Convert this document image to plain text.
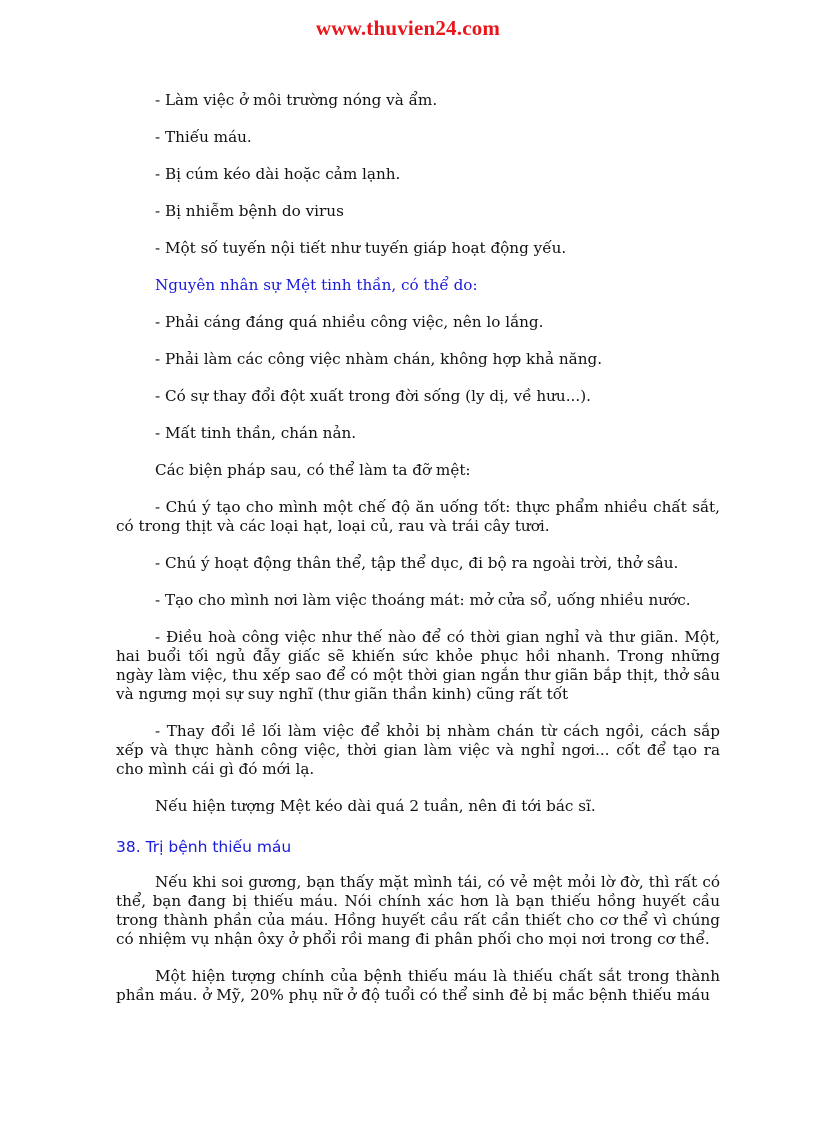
www.thuvien24.com

- Làm việc ở môi trường nóng và ẩm.

- Thiếu máu.

- Bị cúm kéo dài hoặc cảm lạnh.

- Bị nhiễm bệnh do virus

- Một số tuyến nội tiết như tuyến giáp hoạt động yếu.

Nguyên nhân sự Mệt tinh thần, có thể do:

- Phải cáng đáng quá nhiều công việc, nên lo lắng.

- Phải làm các công việc nhàm chán, không hợp khả năng.

- Có sự thay đổi đột xuất trong đời sống (ly dị, về hưu...).

- Mất tinh thần, chán nản.

Các biện pháp sau, có thể làm ta đỡ mệt:

- Chú ý tạo cho mình một chế độ ăn uống tốt: thực phẩm nhiều chất sắt, có trong thịt và các loại hạt, loại củ, rau và trái cây tươi.

- Chú ý hoạt động thân thể, tập thể dục, đi bộ ra ngoài trời, thở sâu.

- Tạo cho mình nơi làm việc thoáng mát: mở cửa sổ, uống nhiều nước.

- Điều hoà công việc như thế nào để có thời gian nghỉ và thư giãn. Một, hai buổi tối ngủ đẫy giấc sẽ khiến sức khỏe phục hồi nhanh. Trong những ngày làm việc, thu xếp sao để có một thời gian ngắn thư giãn bắp thịt, thở sâu và ngưng mọi sự suy nghĩ (thư giãn thần kinh) cũng rất tốt

- Thay đổi lề lối làm việc để khỏi bị nhàm chán từ cách ngồi, cách sắp xếp và thực hành công việc, thời gian làm việc và nghỉ ngơi... cốt để tạo ra cho mình cái gì đó mới lạ.

Nếu hiện tượng Mệt kéo dài quá 2 tuần, nên đi tới bác sĩ.

38. Trị bệnh thiếu máu

Nếu khi soi gương, bạn thấy mặt mình tái, có vẻ mệt mỏi lờ đờ, thì rất có thể, bạn đang bị thiếu máu. Nói chính xác hơn là bạn thiếu hồng huyết cầu trong thành phần của máu. Hồng huyết cầu rất cần thiết cho cơ thể vì chúng có nhiệm vụ nhận ôxy ở phổi rồi mang đi phân phối cho mọi nơi trong cơ thể.

Một hiện tượng chính của bệnh thiếu máu là thiếu chất sắt trong thành phần máu. ở Mỹ, 20% phụ nữ ở độ tuổi có thể sinh đẻ bị mắc bệnh thiếu máu
